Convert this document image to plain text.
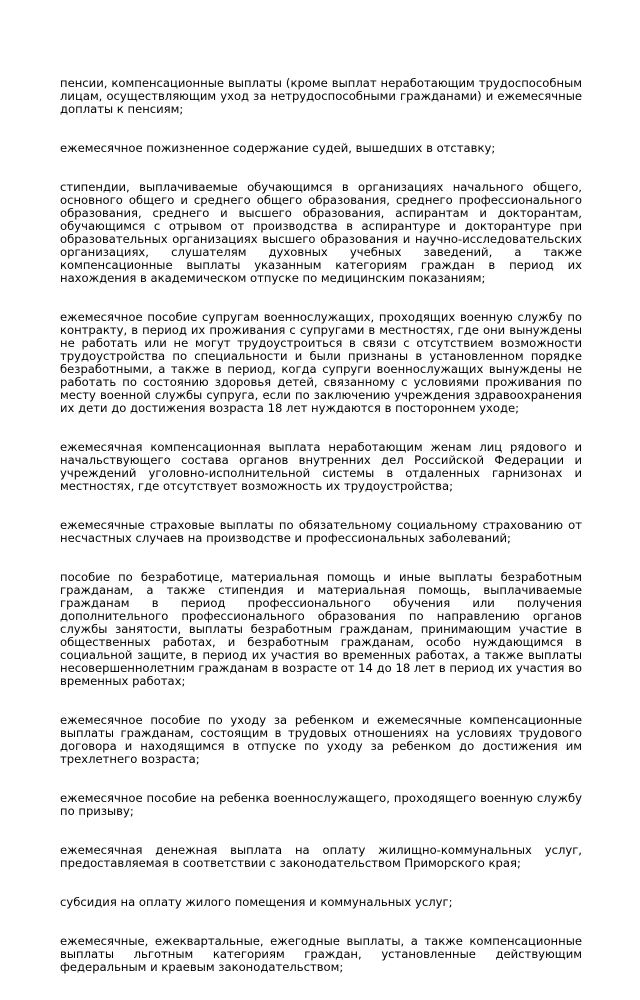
пенсии, компенсационные выплаты (кроме выплат неработающим трудоспособным лицам, осуществляющим уход за нетрудоспособными гражданами) и ежемесячные доплаты к пенсиям;

ежемесячное пожизненное содержание судей, вышедших в отставку;

стипендии, выплачиваемые обучающимся в организациях начального общего, основного общего и среднего общего образования, среднего профессионального образования, среднего и высшего образования, аспирантам и докторантам, обучающимся с отрывом от производства в аспирантуре и докторантуре при образовательных организациях высшего образования и научно-исследовательских организациях, слушателям духовных учебных заведений, а также компенсационные выплаты указанным категориям граждан в период их нахождения в академическом отпуске по медицинским показаниям;

ежемесячное пособие супругам военнослужащих, проходящих военную службу по контракту, в период их проживания с супругами в местностях, где они вынуждены не работать или не могут трудоустроиться в связи с отсутствием возможности трудоустройства по специальности и были признаны в установленном порядке безработными, а также в период, когда супруги военнослужащих вынуждены не работать по состоянию здоровья детей, связанному с условиями проживания по месту военной службы супруга, если по заключению учреждения здравоохранения их дети до достижения возраста 18 лет нуждаются в постороннем уходе;

ежемесячная компенсационная выплата неработающим женам лиц рядового и начальствующего состава органов внутренних дел Российской Федерации и учреждений уголовно-исполнительной системы в отдаленных гарнизонах и местностях, где отсутствует возможность их трудоустройства;

ежемесячные страховые выплаты по обязательному социальному страхованию от несчастных случаев на производстве и профессиональных заболеваний;

пособие по безработице, материальная помощь и иные выплаты безработным гражданам, а также стипендия и материальная помощь, выплачиваемые гражданам в период профессионального обучения или получения дополнительного профессионального образования по направлению органов службы занятости, выплаты безработным гражданам, принимающим участие в общественных работах, и безработным гражданам, особо нуждающимся в социальной защите, в период их участия во временных работах, а также выплаты несовершеннолетним гражданам в возрасте от 14 до 18 лет в период их участия во временных работах;

ежемесячное пособие по уходу за ребенком и ежемесячные компенсационные выплаты гражданам, состоящим в трудовых отношениях на условиях трудового договора и находящимся в отпуске по уходу за ребенком до достижения им трехлетнего возраста;

ежемесячное пособие на ребенка военнослужащего, проходящего военную службу по призыву;

ежемесячная денежная выплата на оплату жилищно-коммунальных услуг, предоставляемая в соответствии с законодательством Приморского края;

субсидия на оплату жилого помещения и коммунальных услуг;

ежемесячные, ежеквартальные, ежегодные выплаты, а также компенсационные выплаты льготным категориям граждан, установленные действующим федеральным и краевым законодательством;
